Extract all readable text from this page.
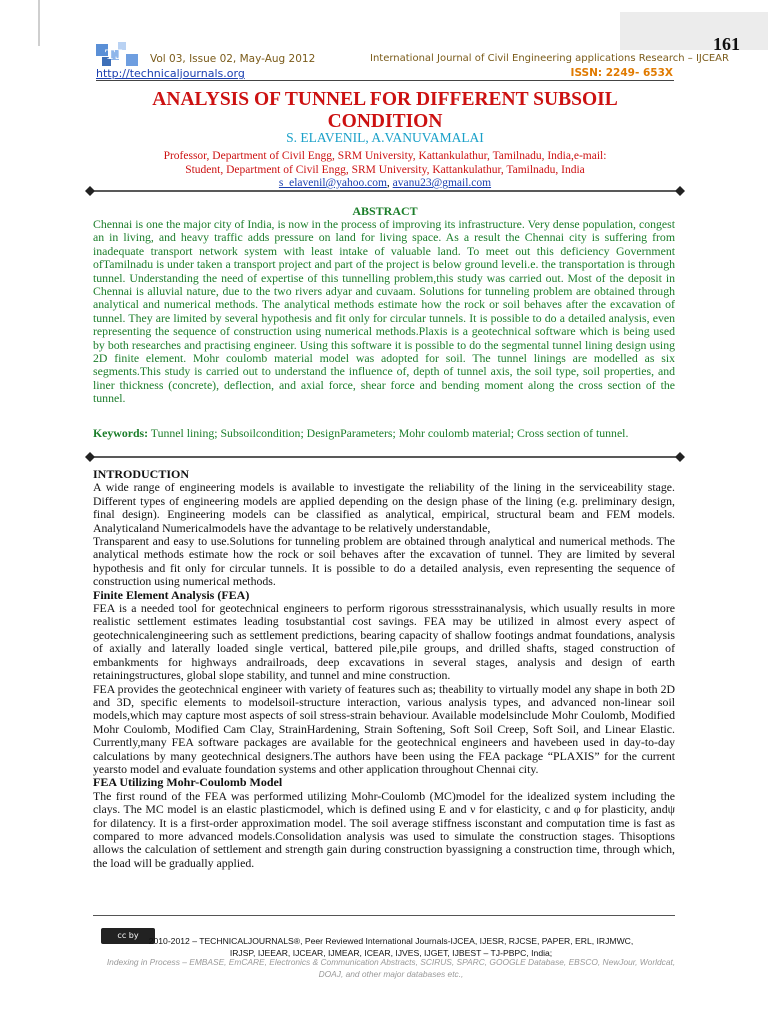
161
TJ	Vol 03, Issue 02, May-Aug 2012	International Journal of Civil Engineering applications Research – IJCEAR
http://technicaljournals.org	ISSN: 2249- 653X
ANALYSIS OF TUNNEL FOR DIFFERENT SUBSOIL
CONDITION
S. ELAVENIL, A.VANUVAMALAI
Professor, Department of Civil Engg, SRM University, Kattankulathur, Tamilnadu, India,e-mail:
Student, Department of Civil Engg, SRM University, Kattankulathur, Tamilnadu, India
s_elavenil@yahoo.com, avanu23@gmail.com
ABSTRACT
Chennai is one the major city of India, is now in the process of improving its infrastructure. Very dense population, congest an in living, and heavy traffic adds pressure on land for living space. As a result the Chennai city is suffering from inadequate transport network system with least intake of valuable land. To meet out this deficiency Government ofTamilnadu is under taken a transport project and part of the project is below ground leveli.e. the transportation is through tunnel. Understanding the need of expertise of this tunnelling problem,this study was carried out. Most of the deposit in Chennai is alluvial nature, due to the two rivers adyar and cuvaam. Solutions for tunneling problem are obtained through analytical and numerical methods. The analytical methods estimate how the rock or soil behaves after the excavation of tunnel. They are limited by several hypothesis and fit only for circular tunnels. It is possible to do a detailed analysis, even representing the sequence of construction using numerical methods.Plaxis is a geotechnical software which is being used by both researches and practising engineer. Using this software it is possible to do the segmental tunnel lining design using 2D finite element. Mohr coulomb material model was adopted for soil. The tunnel linings are modelled as six segments.This study is carried out to understand the influence of, depth of tunnel axis, the soil type, soil properties, and liner thickness (concrete), deflection, and axial force, shear force and bending moment along the cross section of the tunnel.
Keywords: Tunnel lining; Subsoilcondition; DesignParameters; Mohr coulomb material; Cross section of tunnel.
INTRODUCTION

A wide range of engineering models is available to investigate the reliability of the lining in the serviceability stage. Different types of engineering models are applied depending on the design phase of the lining (e.g. preliminary design, final design). Engineering models can be classified as analytical, empirical, structural beam and FEM models. Analyticaland Numericalmodels have the advantage to be relatively understandable,

Transparent and easy to use.Solutions for tunneling problem are obtained through analytical and numerical methods. The analytical methods estimate how the rock or soil behaves after the excavation of tunnel. They are limited by several hypothesis and fit only for circular tunnels. It is possible to do a detailed analysis, even representing the sequence of construction using numerical methods.

Finite Element Analysis (FEA)

FEA is a needed tool for geotechnical engineers to perform rigorous stressstrainanalysis, which usually results in more realistic settlement estimates leading tosubstantial cost savings. FEA may be utilized in almost every aspect of geotechnicalengineering such as settlement predictions, bearing capacity of shallow footings andmat foundations, analysis of axially and laterally loaded single vertical, battered pile,pile groups, and drilled shafts, staged construction of embankments for highways andrailroads, deep excavations in several stages, analysis and design of earth retainingstructures, global slope stability, and tunnel and mine construction.

FEA provides the geotechnical engineer with variety of features such as; theability to virtually model any shape in both 2D and 3D, specific elements to modelsoil-structure interaction, various analysis types, and advanced non-linear soil models,which may capture most aspects of soil stress-strain behaviour. Available modelsinclude Mohr Coulomb, Modified Mohr Coulomb, Modified Cam Clay, StrainHardening, Strain Softening, Soft Soil Creep, Soft Soil, and Linear Elastic. Currently,many FEA software packages are available for the geotechnical engineers and havebeen used in day-to-day calculations by many geotechnical designers.The authors have been using the FEA package “PLAXIS” for the current yearsto model and evaluate foundation systems and other application throughout Chennai city.

FEA Utilizing Mohr-Coulomb Model

The first round of the FEA was performed utilizing Mohr-Coulomb (MC)model for the idealized system including the clays. The MC model is an elastic plasticmodel, which is defined using E and ν for elasticity, c and φ for plasticity, andψ for dilatency. It is a first-order approximation model. The soil average stiffness isconstant and computation time is fast as compared to more advanced models.Consolidation analysis was used to simulate the construction stages. Thisoptions allows the calculation of settlement and strength gain during construction byassigning a construction time, through which, the load will be gradually applied.

cc by
2010-2012 – TECHNICALJOURNALS®, Peer Reviewed International Journals-IJCEA, IJESR, RJCSE, PAPER, ERL, IRJMWC,
IRJSP, IJEEAR, IJCEAR, IJMEAR, ICEAR, IJVES, IJGET, IJBEST – TJ-PBPC, India;
Indexing in Process – EMBASE, EmCARE, Electronics & Communication Abstracts, SCIRUS, SPARC, GOOGLE Database, EBSCO, NewJour, Worldcat,
DOAJ, and other major databases etc.,
